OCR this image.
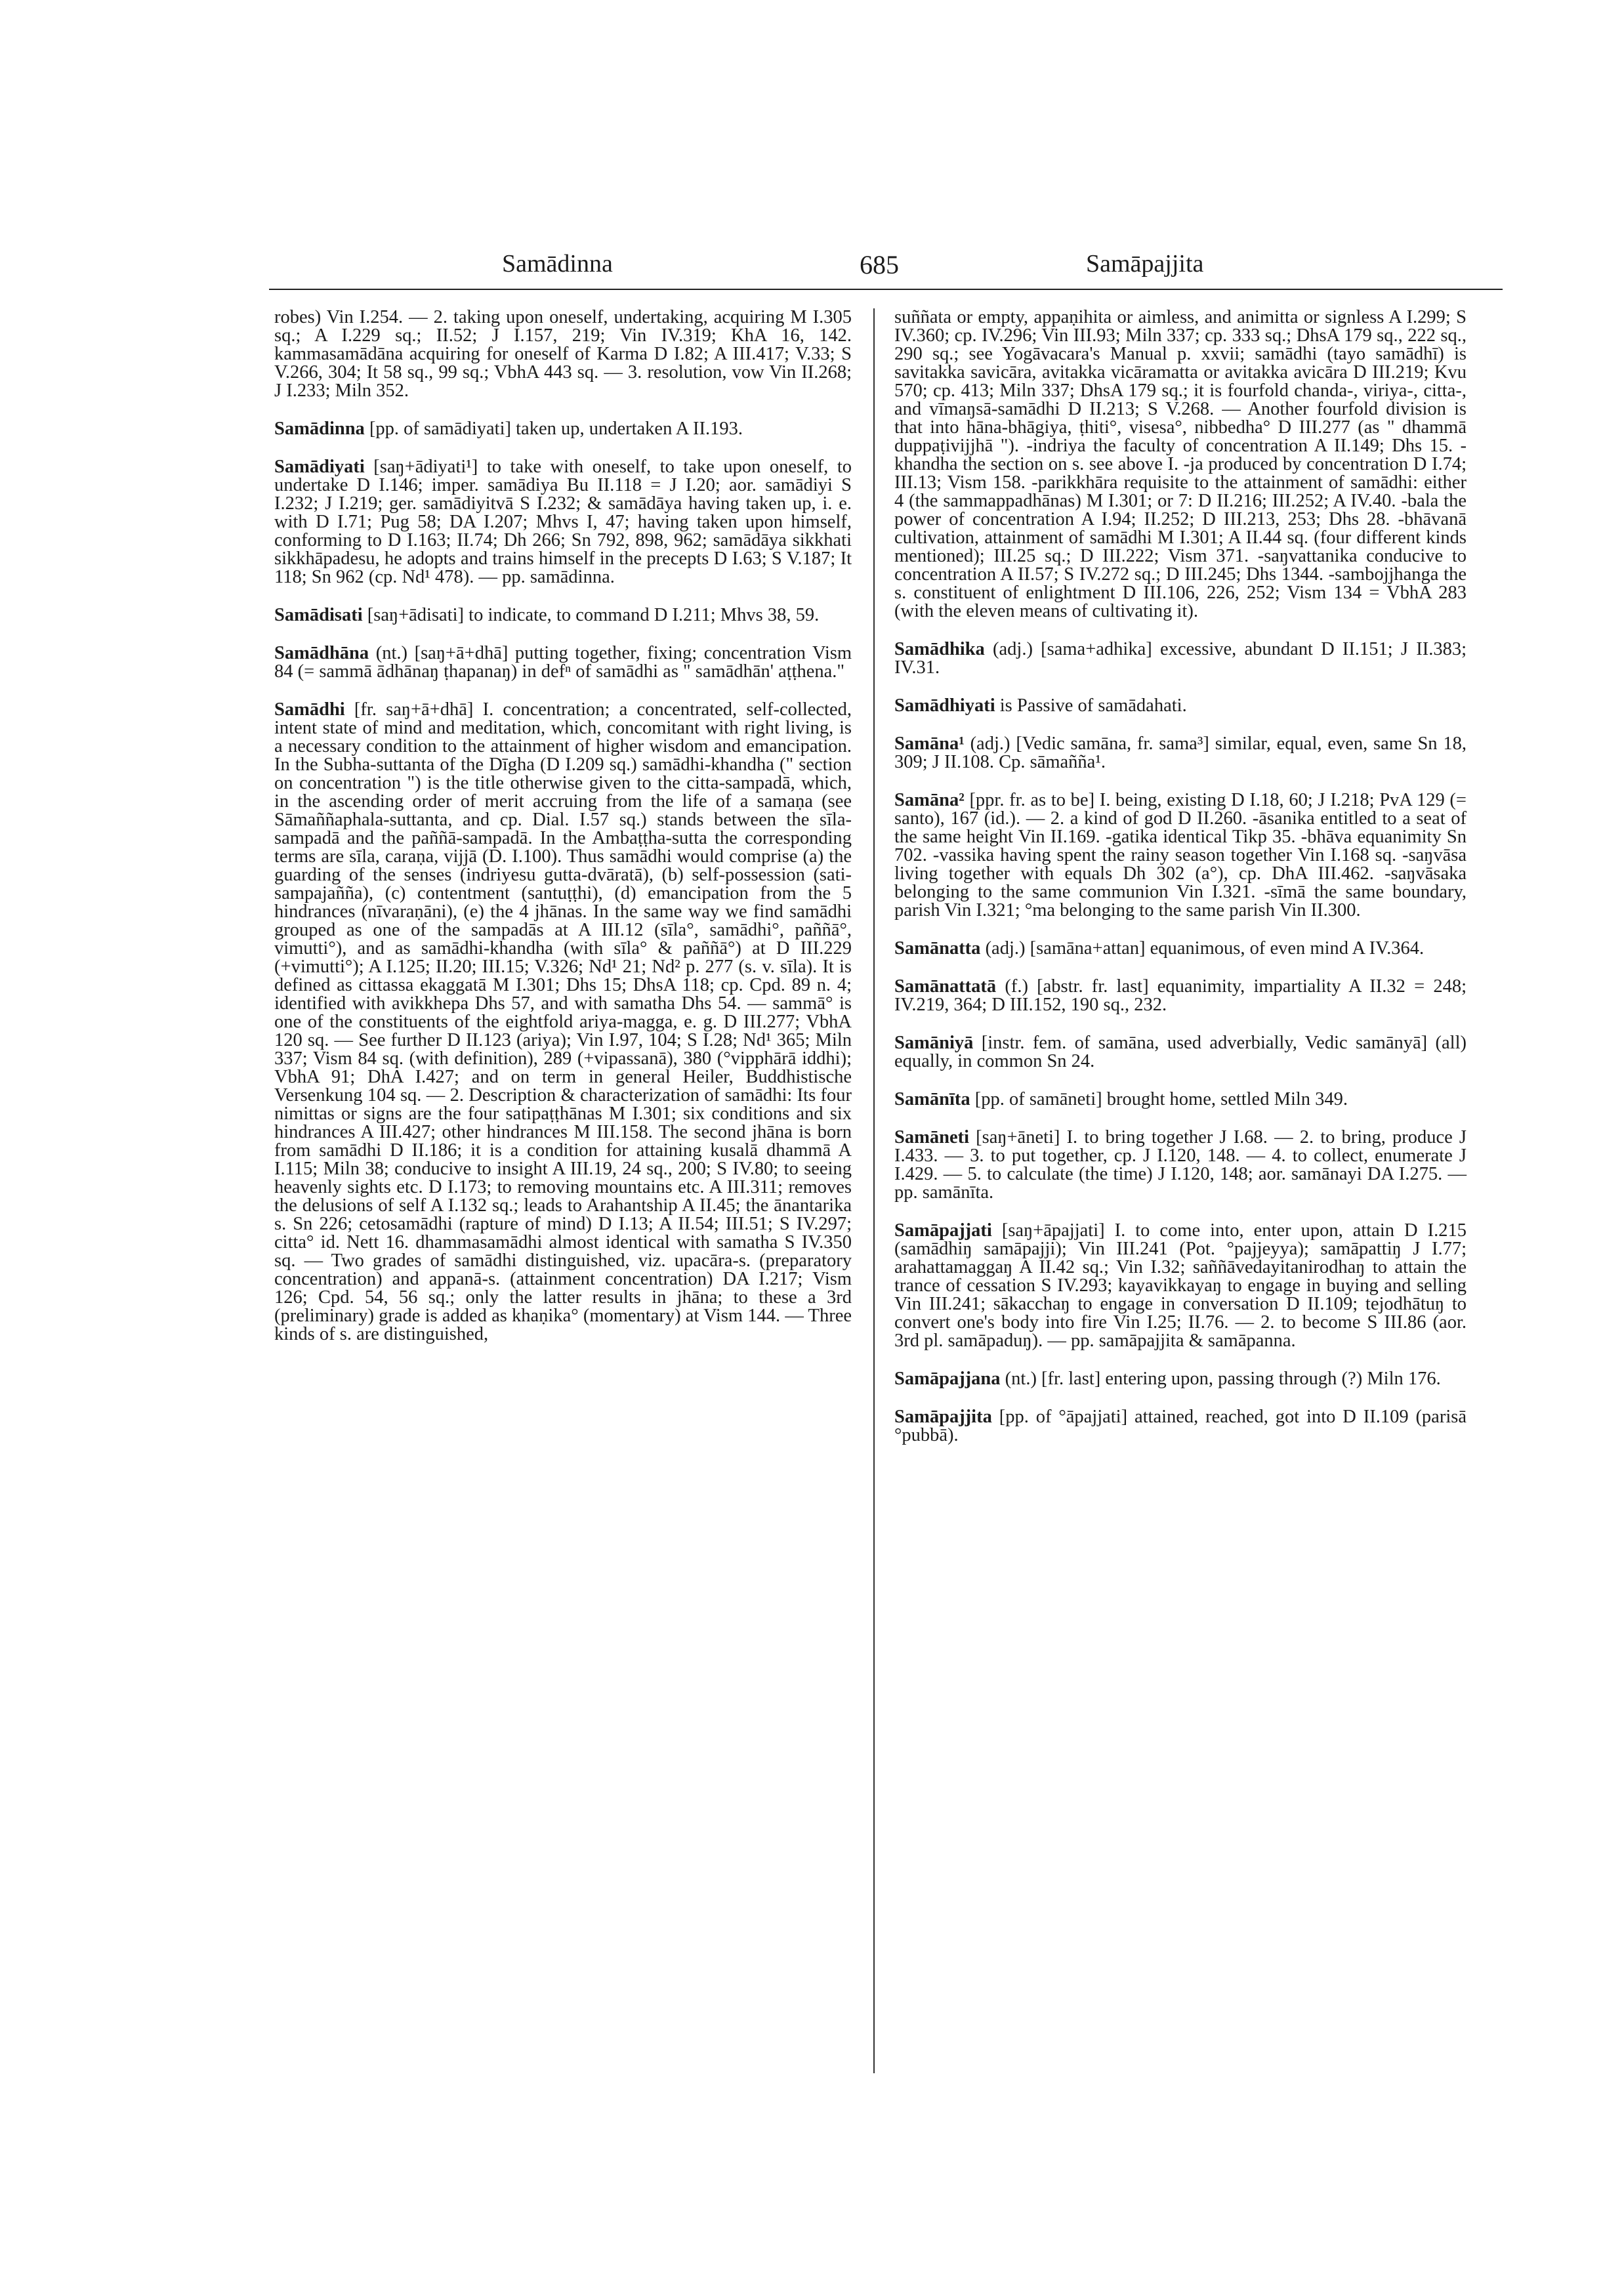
Samādinna	685	Samāpajjita

robes) Vin I.254. — 2. taking upon oneself, undertaking, acquiring M I.305 sq.; A I.229 sq.; II.52; J I.157, 219; Vin IV.319; KhA 16, 142. kammasamādāna acquiring for oneself of Karma D I.82; A III.417; V.33; S V.266, 304; It 58 sq., 99 sq.; VbhA 443 sq. — 3. resolution, vow Vin II.268; J I.233; Miln 352.

Samādinna [pp. of samādiyati] taken up, undertaken A II.193.

Samādiyati [saŋ+ādiyati¹] to take with oneself, to take upon oneself, to undertake D I.146; imper. samādiya Bu II.118 = J I.20; aor. samādiyi S I.232; J I.219; ger. samādiyitvā S I.232; & samādāya having taken up, i. e. with D I.71; Pug 58; DA I.207; Mhvs I, 47; having taken upon himself, conforming to D I.163; II.74; Dh 266; Sn 792, 898, 962; samādāya sikkhati sikkhāpadesu, he adopts and trains himself in the precepts D I.63; S V.187; It 118; Sn 962 (cp. Nd¹ 478). — pp. samādinna.

Samādisati [saŋ+ādisati] to indicate, to command D I.211; Mhvs 38, 59.

Samādhāna (nt.) [saŋ+ā+dhā] putting together, fixing; concentration Vism 84 (= sammā ādhānaŋ ṭhapanaŋ) in defⁿ of samādhi as " samādhān' aṭṭhena."

Samādhi [fr. saŋ+ā+dhā] I. concentration; a concentrated, self-collected, intent state of mind and meditation, which, concomitant with right living, is a necessary condition to the attainment of higher wisdom and emancipation. In the Subha-suttanta of the Dīgha (D I.209 sq.) samādhi-khandha (" section on concentration ") is the title otherwise given to the citta-sampadā, which, in the ascending order of merit accruing from the life of a samaṇa (see Sāmaññaphala-suttanta, and cp. Dial. I.57 sq.) stands between the sīla-sampadā and the paññā-sampadā. In the Ambaṭṭha-sutta the corresponding terms are sīla, caraṇa, vijjā (D. I.100). Thus samādhi would comprise (a) the guarding of the senses (indriyesu gutta-dvāratā), (b) self-possession (sati-sampajañña), (c) contentment (santuṭṭhi), (d) emancipation from the 5 hindrances (nīvaraṇāni), (e) the 4 jhānas. In the same way we find samādhi grouped as one of the sampadās at A III.12 (sīla°, samādhi°, paññā°, vimutti°), and as samādhi-khandha (with sīla° & paññā°) at D III.229 (+vimutti°); A I.125; II.20; III.15; V.326; Nd¹ 21; Nd² p. 277 (s. v. sīla). It is defined as cittassa ekaggatā M I.301; Dhs 15; DhsA 118; cp. Cpd. 89 n. 4; identified with avikkhepa Dhs 57, and with samatha Dhs 54. — sammā° is one of the constituents of the eightfold ariya-magga, e. g. D III.277; VbhA 120 sq. — See further D II.123 (ariya); Vin I.97, 104; S I.28; Nd¹ 365; Miln 337; Vism 84 sq. (with definition), 289 (+vipassanā), 380 (°vipphārā iddhi); VbhA 91; DhA I.427; and on term in general Heiler, Buddhistische Versenkung 104 sq. — 2. Description & characterization of samādhi: Its four nimittas or signs are the four satipaṭṭhānas M I.301; six conditions and six hindrances A III.427; other hindrances M III.158. The second jhāna is born from samādhi D II.186; it is a condition for attaining kusalā dhammā A I.115; Miln 38; conducive to insight A III.19, 24 sq., 200; S IV.80; to seeing heavenly sights etc. D I.173; to removing mountains etc. A III.311; removes the delusions of self A I.132 sq.; leads to Arahantship A II.45; the ānantarika s. Sn 226; cetosamādhi (rapture of mind) D I.13; A II.54; III.51; S IV.297; citta° id. Nett 16. dhammasamādhi almost identical with samatha S IV.350 sq. — Two grades of samādhi distinguished, viz. upacāra-s. (preparatory concentration) and appanā-s. (attainment concentration) DA I.217; Vism 126; Cpd. 54, 56 sq.; only the latter results in jhāna; to these a 3rd (preliminary) grade is added as khaṇika° (momentary) at Vism 144. — Three kinds of s. are distinguished,

suññata or empty, appaṇihita or aimless, and animitta or signless A I.299; S IV.360; cp. IV.296; Vin III.93; Miln 337; cp. 333 sq.; DhsA 179 sq., 222 sq., 290 sq.; see Yogāvacara's Manual p. xxvii; samādhi (tayo samādhī) is savitakka savicāra, avitakka vicāramatta or avitakka avicāra D III.219; Kvu 570; cp. 413; Miln 337; DhsA 179 sq.; it is fourfold chanda-, viriya-, citta-, and vīmaŋsā-samādhi D II.213; S V.268. — Another fourfold division is that into hāna-bhāgiya, ṭhiti°, visesa°, nibbedha° D III.277 (as " dhammā duppaṭivijjhā "). -indriya the faculty of concentration A II.149; Dhs 15. -khandha the section on s. see above I. -ja produced by concentration D I.74; III.13; Vism 158. -parikkhāra requisite to the attainment of samādhi: either 4 (the sammappadhānas) M I.301; or 7: D II.216; III.252; A IV.40. -bala the power of concentration A I.94; II.252; D III.213, 253; Dhs 28. -bhāvanā cultivation, attainment of samādhi M I.301; A II.44 sq. (four different kinds mentioned); III.25 sq.; D III.222; Vism 371. -saŋvattanika conducive to concentration A II.57; S IV.272 sq.; D III.245; Dhs 1344. -sambojjhanga the s. constituent of enlightment D III.106, 226, 252; Vism 134 = VbhA 283 (with the eleven means of cultivating it).

Samādhika (adj.) [sama+adhika] excessive, abundant D II.151; J II.383; IV.31.

Samādhiyati is Passive of samādahati.

Samāna¹ (adj.) [Vedic samāna, fr. sama³] similar, equal, even, same Sn 18, 309; J II.108. Cp. sāmañña¹.

Samāna² [ppr. fr. as to be] I. being, existing D I.18, 60; J I.218; PvA 129 (= santo), 167 (id.). — 2. a kind of god D II.260. -āsanika entitled to a seat of the same height Vin II.169. -gatika identical Tikp 35. -bhāva equanimity Sn 702. -vassika having spent the rainy season together Vin I.168 sq. -saŋvāsa living together with equals Dh 302 (a°), cp. DhA III.462. -saŋvāsaka belonging to the same communion Vin I.321. -sīmā the same boundary, parish Vin I.321; °ma belonging to the same parish Vin II.300.

Samānatta (adj.) [samāna+attan] equanimous, of even mind A IV.364.

Samānattatā (f.) [abstr. fr. last] equanimity, impartiality A II.32 = 248; IV.219, 364; D III.152, 190 sq., 232.

Samāniyā [instr. fem. of samāna, used adverbially, Vedic samānyā] (all) equally, in common Sn 24.

Samānīta [pp. of samāneti] brought home, settled Miln 349.

Samāneti [saŋ+āneti] I. to bring together J I.68. — 2. to bring, produce J I.433. — 3. to put together, cp. J I.120, 148. — 4. to collect, enumerate J I.429. — 5. to calculate (the time) J I.120, 148; aor. samānayi DA I.275. — pp. samānīta.

Samāpajjati [saŋ+āpajjati] I. to come into, enter upon, attain D I.215 (samādhiŋ samāpajji); Vin III.241 (Pot. °pajjeyya); samāpattiŋ J I.77; arahattamaggaŋ A II.42 sq.; Vin I.32; saññāvedayitanirodhaŋ to attain the trance of cessation S IV.293; kayavikkayaŋ to engage in buying and selling Vin III.241; sākacchaŋ to engage in conversation D II.109; tejodhātuŋ to convert one's body into fire Vin I.25; II.76. — 2. to become S III.86 (aor. 3rd pl. samāpaduŋ). — pp. samāpajjita & samāpanna.

Samāpajjana (nt.) [fr. last] entering upon, passing through (?) Miln 176.

Samāpajjita [pp. of °āpajjati] attained, reached, got into D II.109 (parisā °pubbā).
